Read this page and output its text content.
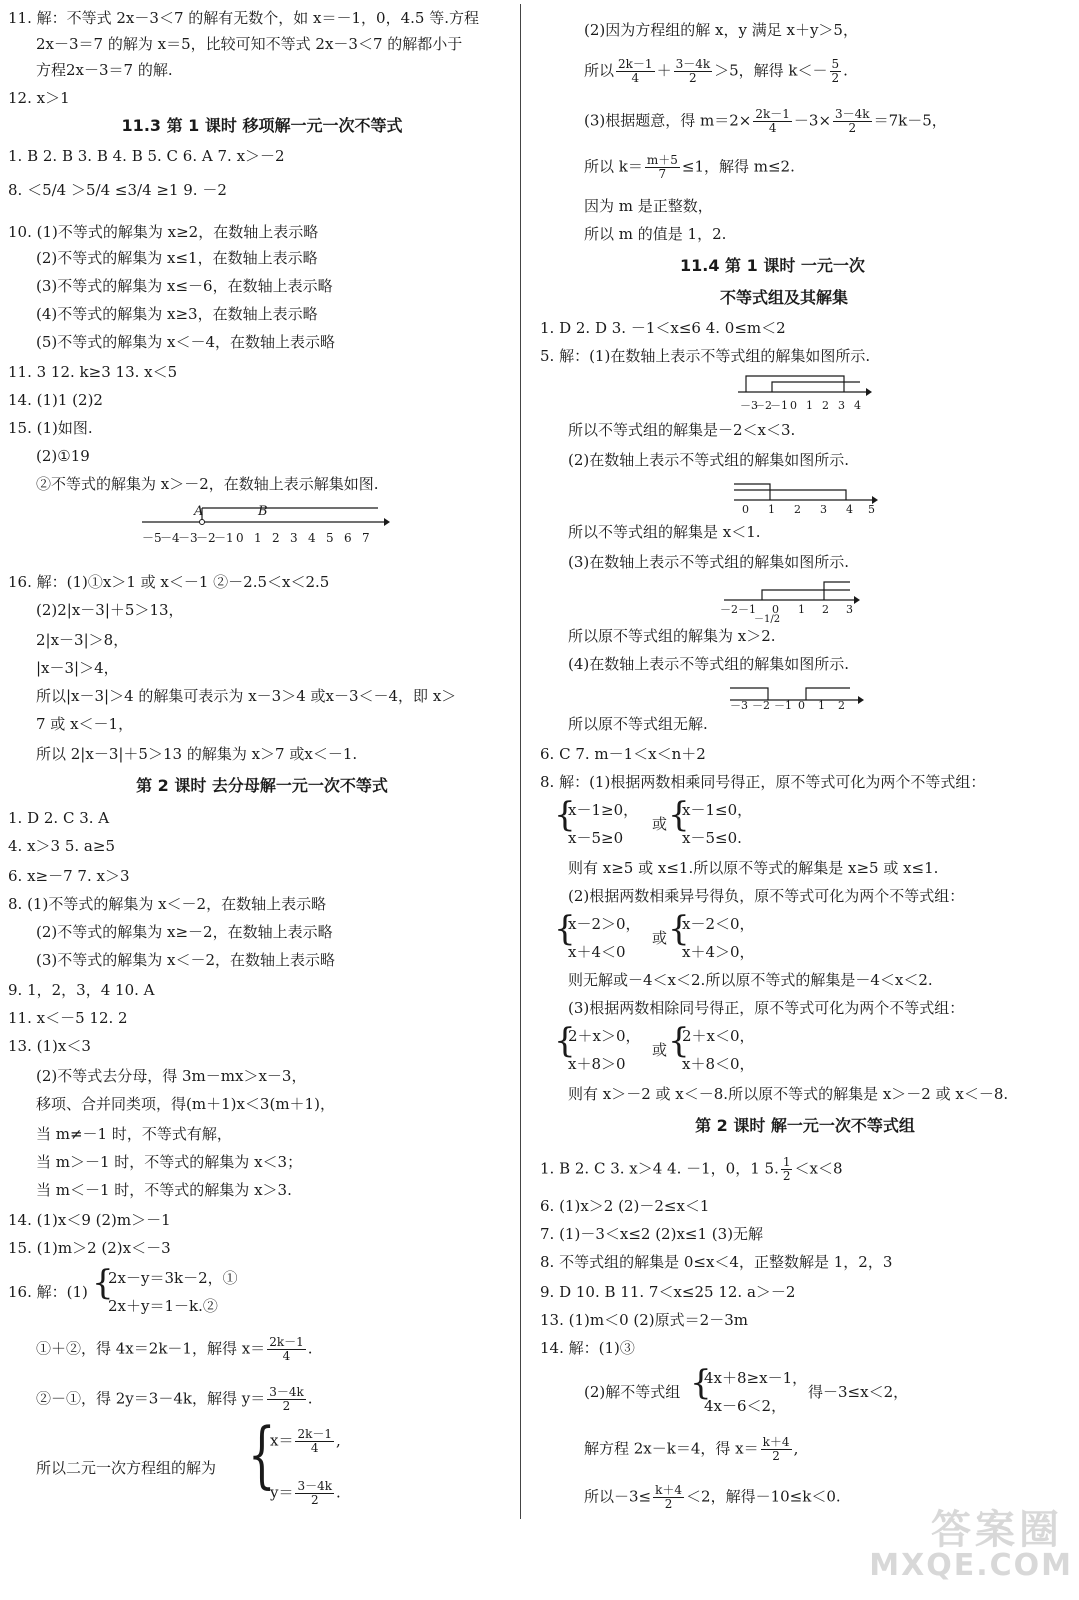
11. 解：不等式 2x－3＜7 的解有无数个，如 x＝－1，0，4.5 等.方程
2x－3＝7 的解为 x＝5，比较可知不等式 2x－3＜7 的解都小于
方程2x－3＝7 的解.
12. x＞1
11.3 第 1 课时 移项解一元一次不等式
1. B 2. B 3. B 4. B 5. C 6. A 7. x＞－2
8. ＜5/4 ＞5/4 ≤3/4 ≥1 9. －2
10. (1)不等式的解集为 x≥2，在数轴上表示略
(2)不等式的解集为 x≤1，在数轴上表示略
(3)不等式的解集为 x≤－6，在数轴上表示略
(4)不等式的解集为 x≥3，在数轴上表示略
(5)不等式的解集为 x＜－4，在数轴上表示略
11. 3 12. k≥3 13. x＜5
14. (1)1 (2)2
15. (1)如图.
(2)①19
②不等式的解集为 x＞－2，在数轴上表示解集如图.
A	B
－5
－4
－3
－2
－1 0 1 2 3 4 5 6 7
16. 解：(1)①x＞1 或 x＜－1 ②－2.5＜x＜2.5
(2)2|x－3|＋5＞13，
2|x－3|＞8，
|x－3|＞4，
所以|x－3|＞4 的解集可表示为 x－3＞4 或x－3＜－4，即 x＞
7 或 x＜－1，
所以 2|x－3|＋5＞13 的解集为 x＞7 或x＜－1.
第 2 课时 去分母解一元一次不等式
1. D 2. C 3. A
4. x＞3 5. a≥5
6. x≥－7 7. x＞3
8. (1)不等式的解集为 x＜－2，在数轴上表示略
(2)不等式的解集为 x≥－2，在数轴上表示略
(3)不等式的解集为 x＜－2，在数轴上表示略
9. 1，2，3，4 10. A
11. x＜－5 12. 2
13. (1)x＜3
(2)不等式去分母，得 3m－mx＞x－3，
移项、合并同类项，得(m＋1)x＜3(m＋1)，
当 m≠－1 时，不等式有解，
当 m＞－1 时，不等式的解集为 x＜3；
当 m＜－1 时，不等式的解集为 x＞3.
14. (1)x＜9 (2)m＞－1
15. (1)m＞2 (2)x＜－3
16. 解：(1) {
2x－y＝3k－2，①
2x＋y＝1－k.②
①＋②，得 4x＝2k－1，解得 $x= \frac{2k-1}{4}$ .
②－①，得 2y＝3－4k，解得 $y= \frac{3-4k}{2}$ .
所以二元一次方程组的解为 {
$x= \frac{2k-1}{4}$ ,
$y= \frac{3-4k}{2}$ .
(2)因为方程组的解 x，y 满足 x＋y＞5，
所以 $\frac{2k-1}{4} + \frac{3-4k}{2} >5$，解得 $k<- \frac{5}{2}$ .
(3)根据题意，得 $m=2\times \frac{2k-1}{4} -3\times \frac{3-4k}{2} =7k-5$，
所以 $k= \frac{m+5}{7} \le 1$，解得 m≤2.
因为 m 是正整数，
所以 m 的值是 1，2.
11.4 第 1 课时 一元一次
不等式组及其解集
1. D 2. D 3. －1＜x≤6 4. 0≤m＜2
5. 解：(1)在数轴上表示不等式组的解集如图所示.
－3
－2
－1 0 1 2 3 4
所以不等式组的解集是－2＜x＜3.
(2)在数轴上表示不等式组的解集如图所示.
0 1 2 3 4 5
所以不等式组的解集是 x＜1.
(3)在数轴上表示不等式组的解集如图所示.
－2 －1
－1/2
0 1 2 3
所以原不等式组的解集为 x＞2.
(4)在数轴上表示不等式组的解集如图所示.
－3 －2 －1 0 1 2
所以原不等式组无解.
6. C 7. m－1＜x＜n＋2
8. 解：(1)根据两数相乘同号得正，原不等式可化为两个不等式组：
{
x－1≥0，
x－5≥0
或 {
x－1≤0，
x－5≤0.
则有 x≥5 或 x≤1.所以原不等式的解集是 x≥5 或 x≤1.
(2)根据两数相乘异号得负，原不等式可化为两个不等式组：
{
x－2＞0，
x＋4＜0
或 {
x－2＜0，
x＋4＞0，
则无解或－4＜x＜2.所以原不等式的解集是－4＜x＜2.
(3)根据两数相除同号得正，原不等式可化为两个不等式组：
{
2＋x＞0，
x＋8＞0
或 {
2＋x＜0，
x＋8＜0，
则有 x＞－2 或 x＜－8.所以原不等式的解集是 x＞－2 或 x＜－8.
第 2 课时 解一元一次不等式组
1. B 2. C 3. x＞4 4. －1，0，1 5. $\frac{1}{2} <x<8$
6. (1)x＞2 (2)－2≤x＜1
7. (1)－3＜x≤2 (2)x≤1 (3)无解
8. 不等式组的解集是 0≤x＜4，正整数解是 1，2，3
9. D 10. B 11. 7＜x≤25 12. a＞－2
13. (1)m＜0 (2)原式＝2－3m
14. 解：(1)③
(2)解不等式组 {
4x＋8≥x－1，
4x－6＜2，
得－3≤x＜2，
解方程 2x－k＝4，得 $x= \frac{k+4}{2}$ ,
所以$-3\le \frac{k+4}{2} <2$，解得－10≤k＜0.
答案圈
MXQE.COM
